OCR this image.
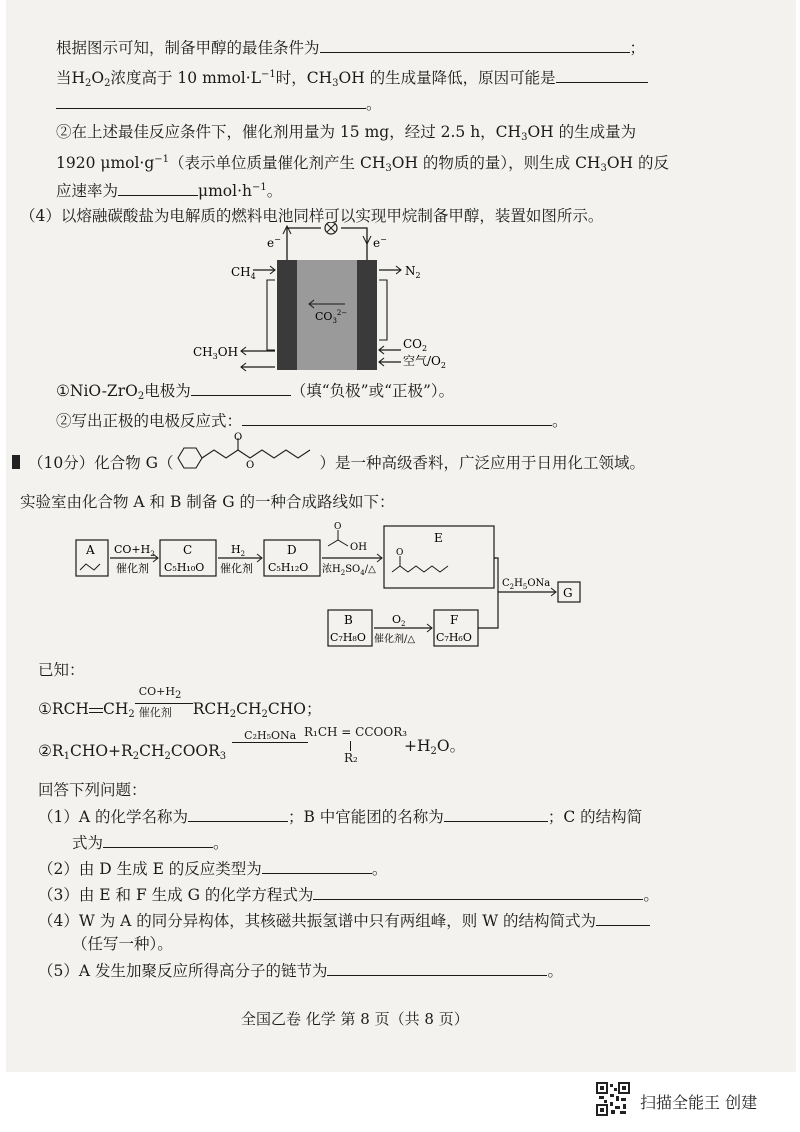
根据图示可知，制备甲醇的最佳条件为	；
当$H_2O_2$浓度高于 10 $mmol\cdot L^{-1}$时，$CH_3OH$ 的生成量降低，原因可能是
。
②在上述最佳反应条件下，催化剂用量为 15 mg，经过 2.5 h，$CH_3OH$ 的生成量为
1920 $\mu mol\cdot g^{-1}$（表示单位质量催化剂产生 $CH_3OH$ 的物质的量），则生成 $CH_3OH$ 的反
应速率为	$\mu mol\cdot h^{-1}$。
（4）以熔融碳酸盐为电解质的燃料电池同样可以实现甲烷制备甲醇，装置如图所示。
e−	e−
$CO_3^{2-}$
$CH_4$
$CH_3OH$
$N_2$
$CO_2$
空气$/O_2$
①NiO-ZrO$_2$电极为	（填“负极”或“正极”）。
②写出正极的电极反应式：	。
（10分）化合物 G（	）是一种高级香料，广泛应用于日用化工领域。
O
O
实验室由化合物 A 和 B 制备 G 的一种合成路线如下：
A $CO+H_2$
催化剂
C
C₅H₁₀O
$H_2$
催化剂
D
C₅H₁₂O
O
OH
浓$H_2SO_4/\triangle$
E
O
B
C₇H₈O
$O_2$
催化剂/△
F
C₇H₆O
$C_2H_5ONa$
G
已知：
①RCH $CH_2$
$CO+H_2$
催化剂 $RCH_2CH_2CHO$；
$②R_1CHO+R_2CH_2COOR_3$
C₂H₅ONa R₁CH = CCOOR₃
R₂
$+H_2O$。
回答下列问题：
（1）A 的化学名称为	；B 中官能团的名称为	；C 的结构简
式为	。
（2）由 D 生成 E 的反应类型为	。
（3）由 E 和 F 生成 G 的化学方程式为	。
（4）W 为 A 的同分异构体，其核磁共振氢谱中只有两组峰，则 W 的结构简式为
（任写一种）。
（5）A 发生加聚反应所得高分子的链节为	。
全国乙卷 化学 第 8 页（共 8 页）
扫描全能王 创建
